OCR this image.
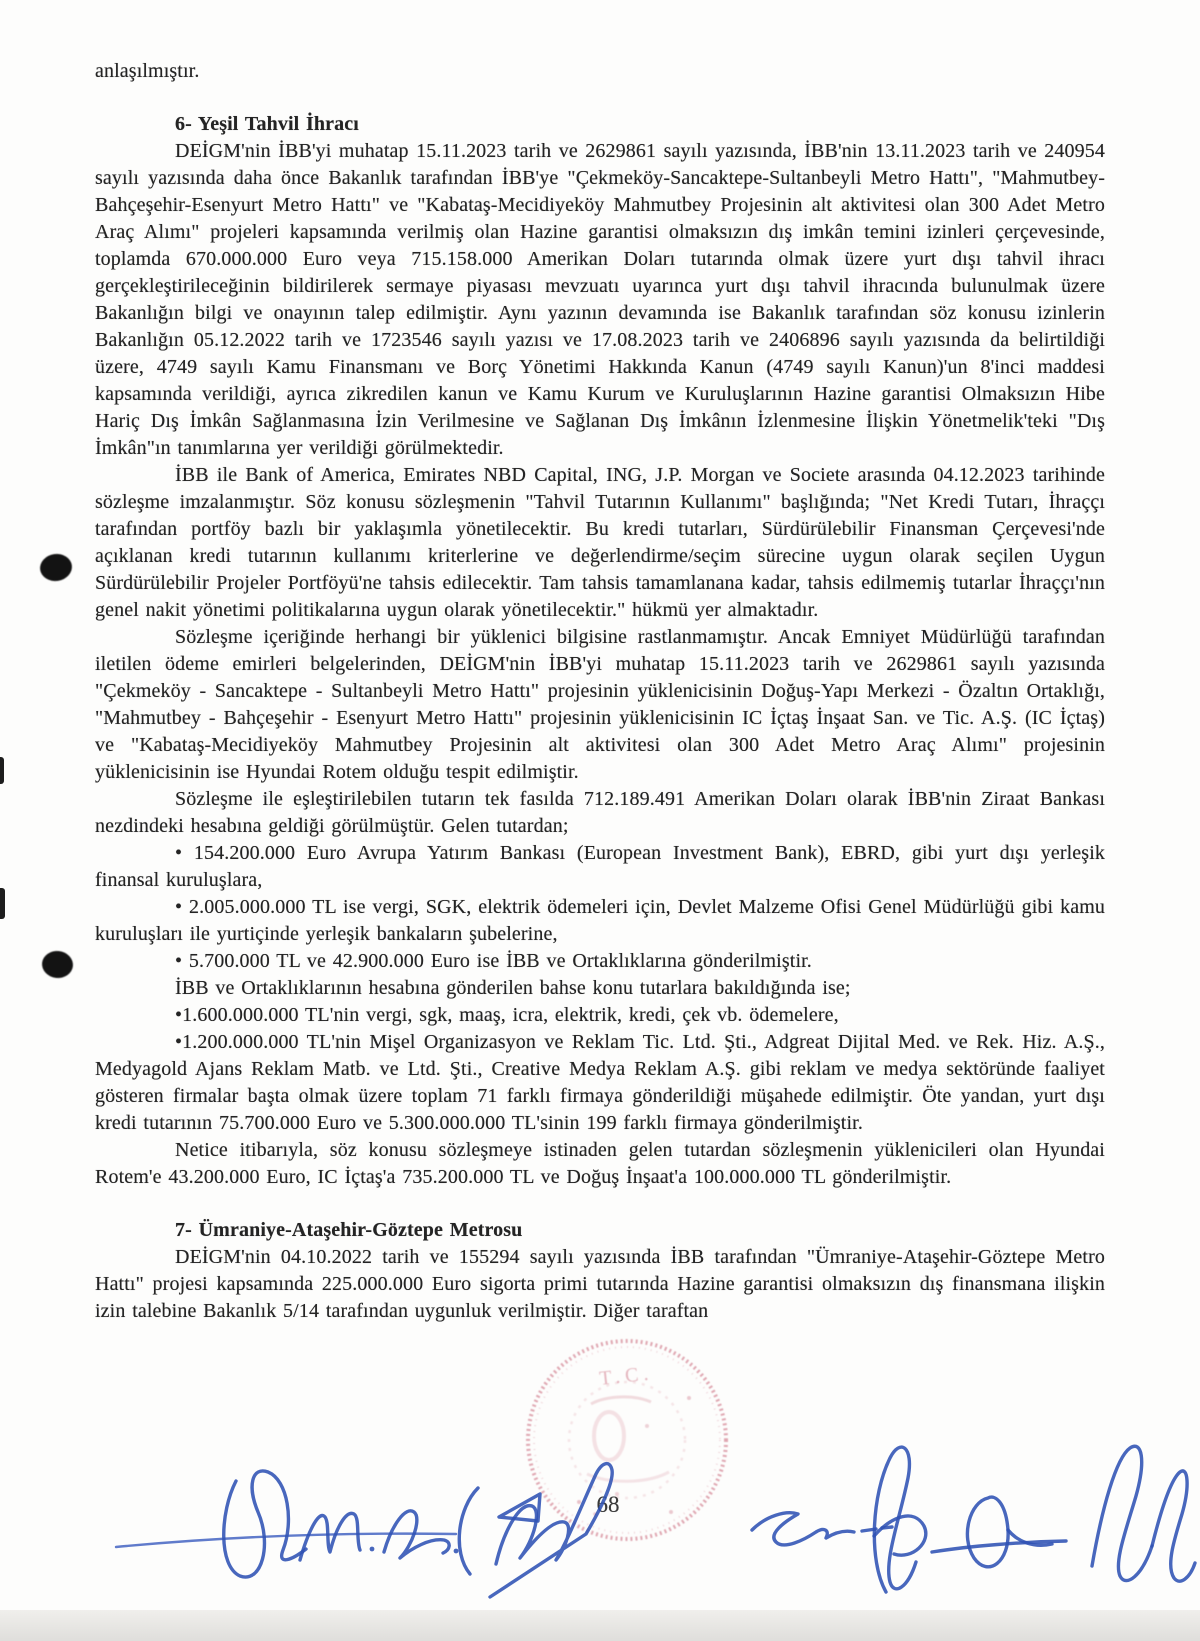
anlaşılmıştır.

6- Yeşil Tahvil İhracı

DEİGM'nin İBB'yi muhatap 15.11.2023 tarih ve 2629861 sayılı yazısında, İBB'nin 13.11.2023 tarih ve 240954 sayılı yazısında daha önce Bakanlık tarafından İBB'ye "Çekmeköy-Sancaktepe-Sultanbeyli Metro Hattı", "Mahmutbey-Bahçeşehir-Esenyurt Metro Hattı" ve "Kabataş-Mecidiyeköy Mahmutbey Projesinin alt aktivitesi olan 300 Adet Metro Araç Alımı" projeleri kapsamında verilmiş olan Hazine garantisi olmaksızın dış imkân temini izinleri çerçevesinde, toplamda 670.000.000 Euro veya 715.158.000 Amerikan Doları tutarında olmak üzere yurt dışı tahvil ihracı gerçekleştirileceğinin bildirilerek sermaye piyasası mevzuatı uyarınca yurt dışı tahvil ihracında bulunulmak üzere Bakanlığın bilgi ve onayının talep edilmiştir. Aynı yazının devamında ise Bakanlık tarafından söz konusu izinlerin Bakanlığın 05.12.2022 tarih ve 1723546 sayılı yazısı ve 17.08.2023 tarih ve 2406896 sayılı yazısında da belirtildiği üzere, 4749 sayılı Kamu Finansmanı ve Borç Yönetimi Hakkında Kanun (4749 sayılı Kanun)'un 8'inci maddesi kapsamında verildiği, ayrıca zikredilen kanun ve Kamu Kurum ve Kuruluşlarının Hazine garantisi Olmaksızın Hibe Hariç Dış İmkân Sağlanmasına İzin Verilmesine ve Sağlanan Dış İmkânın İzlenmesine İlişkin Yönetmelik'teki "Dış İmkân"ın tanımlarına yer verildiği görülmektedir.

İBB ile Bank of America, Emirates NBD Capital, ING, J.P. Morgan ve Societe arasında 04.12.2023 tarihinde sözleşme imzalanmıştır. Söz konusu sözleşmenin "Tahvil Tutarının Kullanımı" başlığında; "Net Kredi Tutarı, İhraççı tarafından portföy bazlı bir yaklaşımla yönetilecektir. Bu kredi tutarları, Sürdürülebilir Finansman Çerçevesi'nde açıklanan kredi tutarının kullanımı kriterlerine ve değerlendirme/seçim sürecine uygun olarak seçilen Uygun Sürdürülebilir Projeler Portföyü'ne tahsis edilecektir. Tam tahsis tamamlanana kadar, tahsis edilmemiş tutarlar İhraççı'nın genel nakit yönetimi politikalarına uygun olarak yönetilecektir." hükmü yer almaktadır.

Sözleşme içeriğinde herhangi bir yüklenici bilgisine rastlanmamıştır. Ancak Emniyet Müdürlüğü tarafından iletilen ödeme emirleri belgelerinden, DEİGM'nin İBB'yi muhatap 15.11.2023 tarih ve 2629861 sayılı yazısında "Çekmeköy - Sancaktepe - Sultanbeyli Metro Hattı" projesinin yüklenicisinin Doğuş-Yapı Merkezi - Özaltın Ortaklığı, "Mahmutbey - Bahçeşehir - Esenyurt Metro Hattı" projesinin yüklenicisinin IC İçtaş İnşaat San. ve Tic. A.Ş. (IC İçtaş) ve "Kabataş-Mecidiyeköy Mahmutbey Projesinin alt aktivitesi olan 300 Adet Metro Araç Alımı" projesinin yüklenicisinin ise Hyundai Rotem olduğu tespit edilmiştir.

Sözleşme ile eşleştirilebilen tutarın tek fasılda 712.189.491 Amerikan Doları olarak İBB'nin Ziraat Bankası nezdindeki hesabına geldiği görülmüştür. Gelen tutardan;

• 154.200.000 Euro Avrupa Yatırım Bankası (European Investment Bank), EBRD, gibi yurt dışı yerleşik finansal kuruluşlara,

• 2.005.000.000 TL ise vergi, SGK, elektrik ödemeleri için, Devlet Malzeme Ofisi Genel Müdürlüğü gibi kamu kuruluşları ile yurtiçinde yerleşik bankaların şubelerine,

• 5.700.000 TL ve 42.900.000 Euro ise İBB ve Ortaklıklarına gönderilmiştir.

İBB ve Ortaklıklarının hesabına gönderilen bahse konu tutarlara bakıldığında ise;

•1.600.000.000 TL'nin vergi, sgk, maaş, icra, elektrik, kredi, çek vb. ödemelere,

•1.200.000.000 TL'nin Mişel Organizasyon ve Reklam Tic. Ltd. Şti., Adgreat Dijital Med. ve Rek. Hiz. A.Ş., Medyagold Ajans Reklam Matb. ve Ltd. Şti., Creative Medya Reklam A.Ş. gibi reklam ve medya sektöründe faaliyet gösteren firmalar başta olmak üzere toplam 71 farklı firmaya gönderildiği müşahede edilmiştir. Öte yandan, yurt dışı kredi tutarının 75.700.000 Euro ve 5.300.000.000 TL'sinin 199 farklı firmaya gönderilmiştir.

Netice itibarıyla, söz konusu sözleşmeye istinaden gelen tutardan sözleşmenin yüklenicileri olan Hyundai Rotem'e 43.200.000 Euro, IC İçtaş'a 735.200.000 TL ve Doğuş İnşaat'a 100.000.000 TL gönderilmiştir.

7- Ümraniye-Ataşehir-Göztepe Metrosu

DEİGM'nin 04.10.2022 tarih ve 155294 sayılı yazısında İBB tarafından "Ümraniye-Ataşehir-Göztepe Metro Hattı" projesi kapsamında 225.000.000 Euro sigorta primi tutarında Hazine garantisi olmaksızın dış finansmana ilişkin izin talebine Bakanlık 5/14 tarafından uygunluk verilmiştir. Diğer taraftan

T.C.
68
